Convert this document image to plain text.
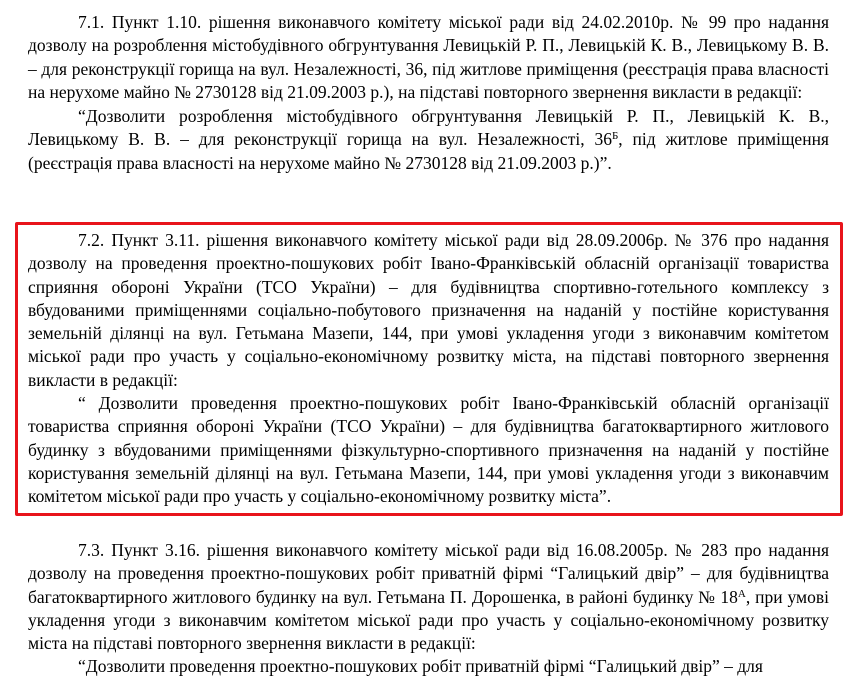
7.1. Пункт 1.10. рішення виконавчого комітету міської ради від 24.02.2010р. № 99 про надання дозволу на розроблення містобудівного обгрунтування Левицькій Р. П., Левицькій К. В., Левицькому В. В. – для реконструкції горища на вул. Незалежності, 36, під житлове приміщення (реєстрація права власності на нерухоме майно № 2730128 від 21.09.2003 р.), на підставі повторного звернення викласти в редакції:

“Дозволити розроблення містобудівного обгрунтування Левицькій Р. П., Левицькій К. В., Левицькому В. В. – для реконструкції горища на вул. Незалежності, $36^Б$, під житлове приміщення (реєстрація права власності на нерухоме майно № 2730128 від 21.09.2003 р.)”.

7.2. Пункт 3.11. рішення виконавчого комітету міської ради від 28.09.2006р. № 376 про надання дозволу на проведення проектно-пошукових робіт Івано-Франківській обласній організації товариства сприяння обороні України (ТСО України) – для будівництва спортивно-готельного комплексу з вбудованими приміщеннями соціально-побутового призначення на наданій у постійне користування земельній ділянці на вул. Гетьмана Мазепи, 144, при умові укладення угоди з виконавчим комітетом міської ради про участь у соціально-економічному розвитку міста, на підставі повторного звернення викласти в редакції:

“ Дозволити проведення проектно-пошукових робіт Івано-Франківській обласній організації товариства сприяння обороні України (ТСО України) – для будівництва багатоквартирного житлового будинку з вбудованими приміщеннями фізкультурно-спортивного призначення на наданій у постійне користування земельній ділянці на вул. Гетьмана Мазепи, 144, при умові укладення угоди з виконавчим комітетом міської ради про участь у соціально-економічному розвитку міста”.

7.3. Пункт 3.16. рішення виконавчого комітету міської ради від 16.08.2005р. № 283 про надання дозволу на проведення проектно-пошукових робіт приватній фірмі “Галицький двір” – для будівництва багатоквартирного житлового будинку на вул. Гетьмана П. Дорошенка, в районі будинку № $18^А$, при умові укладення угоди з виконавчим комітетом міської ради про участь у соціально-економічному розвитку міста на підставі повторного звернення викласти в редакції:

“Дозволити проведення проектно-пошукових робіт приватній фірмі “Галицький двір” – для
